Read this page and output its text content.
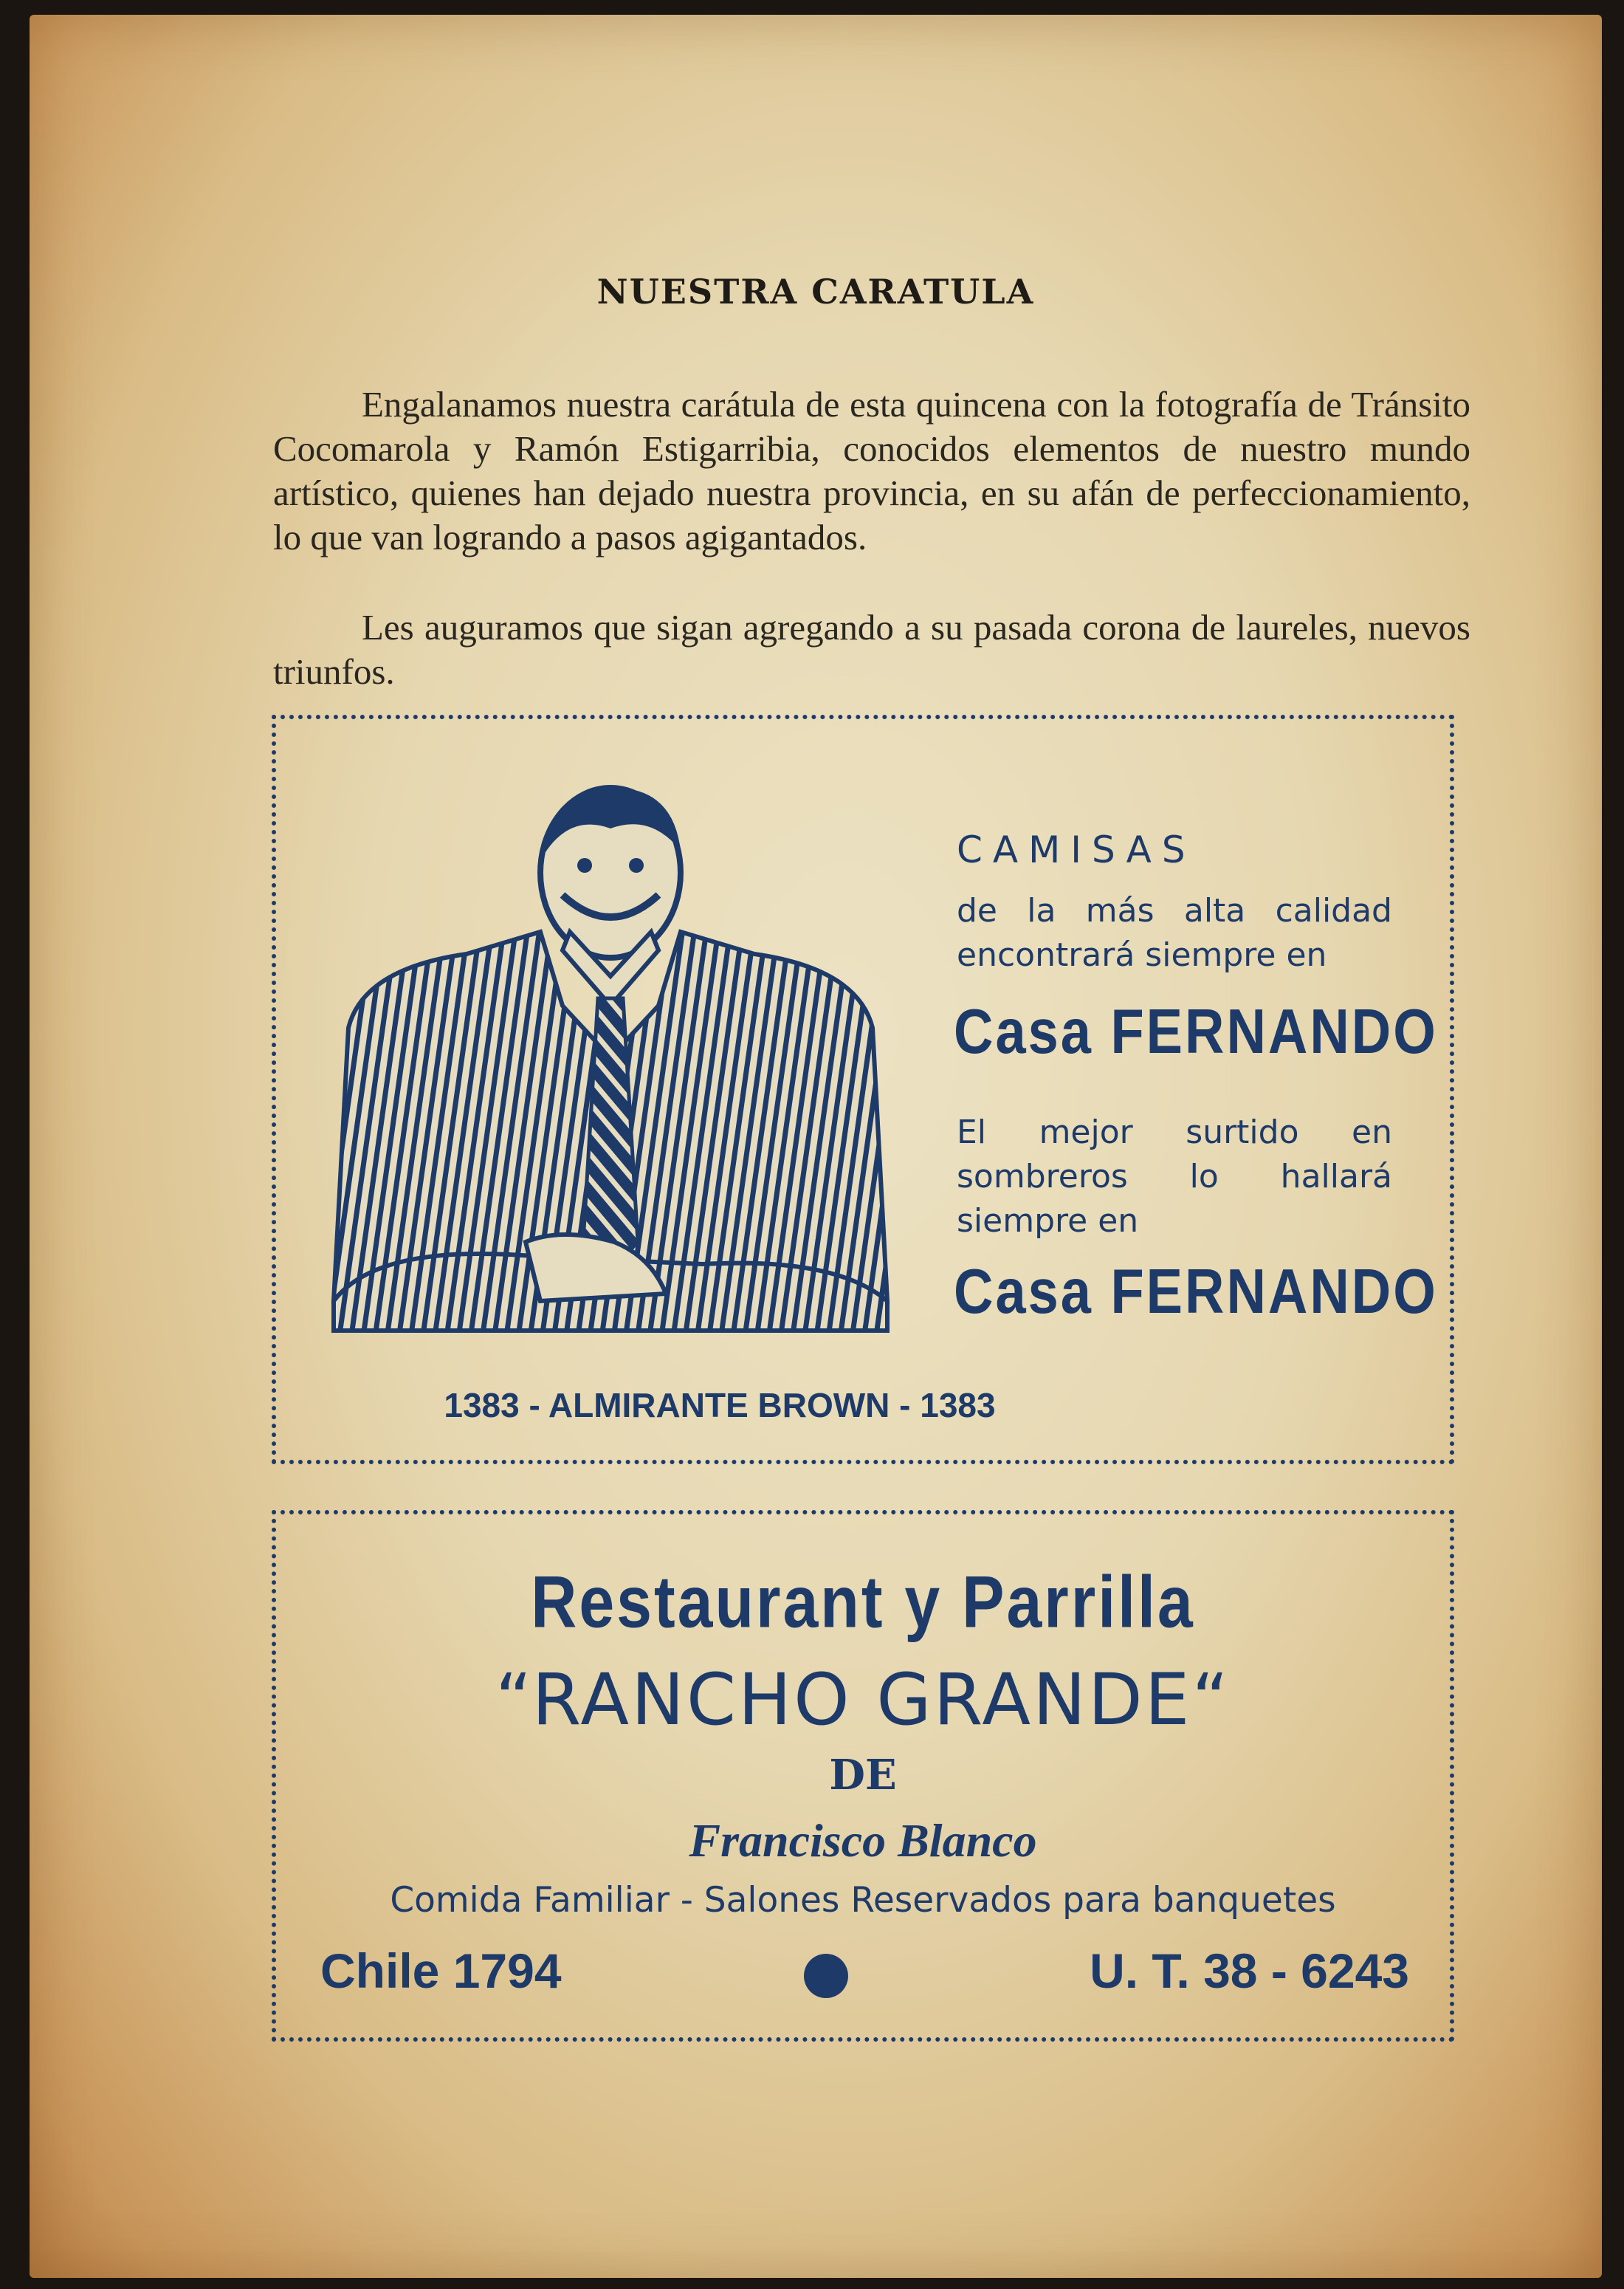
NUESTRA CARATULA

Engalanamos nuestra carátula de esta quincena con la fotografía de Tránsito Cocomarola y Ramón Estigarribia, conocidos elementos de nuestro mundo artístico, quienes han dejado nuestra provincia, en su afán de perfeccionamiento, lo que van logrando a pasos agigantados.

Les auguramos que sigan agregando a su pasada corona de laureles, nuevos triunfos.

CAMISAS
de la más alta calidad encontrará siempre en
Casa FERNANDO
El mejor surtido en sombreros lo hallará siempre en
Casa FERNANDO
1383 - ALMIRANTE BROWN - 1383
Restaurant y Parrilla
“RANCHO GRANDE“
DE
Francisco Blanco
Comida Familiar - Salones Reservados para banquetes
Chile 1794	U. T. 38 - 6243
